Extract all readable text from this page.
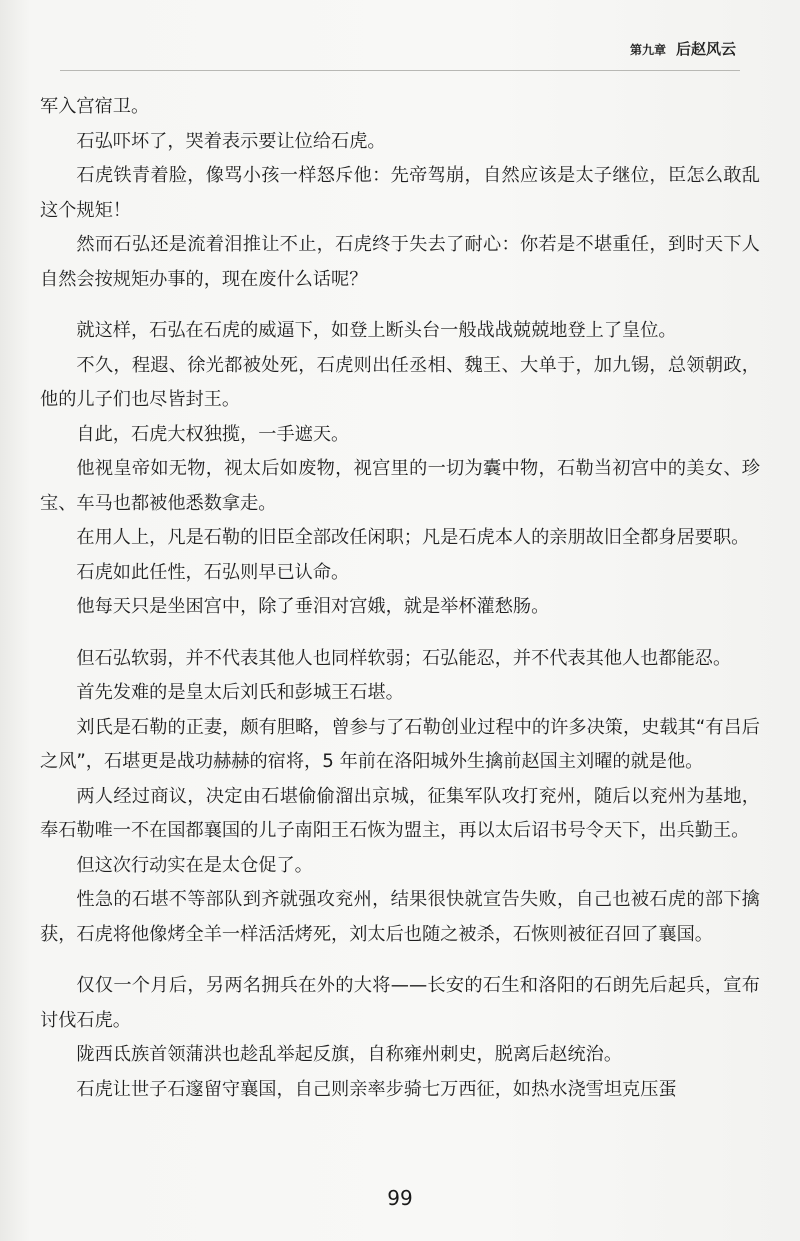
第九章 后赵风云

军入宫宿卫。

石弘吓坏了，哭着表示要让位给石虎。

石虎铁青着脸，像骂小孩一样怒斥他：先帝驾崩，自然应该是太子继位，臣怎么敢乱这个规矩！

然而石弘还是流着泪推让不止，石虎终于失去了耐心：你若是不堪重任，到时天下人自然会按规矩办事的，现在废什么话呢？

就这样，石弘在石虎的威逼下，如登上断头台一般战战兢兢地登上了皇位。

不久，程遐、徐光都被处死，石虎则出任丞相、魏王、大单于，加九锡，总领朝政，他的儿子们也尽皆封王。

自此，石虎大权独揽，一手遮天。

他视皇帝如无物，视太后如废物，视宫里的一切为囊中物，石勒当初宫中的美女、珍宝、车马也都被他悉数拿走。

在用人上，凡是石勒的旧臣全部改任闲职；凡是石虎本人的亲朋故旧全都身居要职。

石虎如此任性，石弘则早已认命。

他每天只是坐困宫中，除了垂泪对宫娥，就是举杯灌愁肠。

但石弘软弱，并不代表其他人也同样软弱；石弘能忍，并不代表其他人也都能忍。

首先发难的是皇太后刘氏和彭城王石堪。

刘氏是石勒的正妻，颇有胆略，曾参与了石勒创业过程中的许多决策，史载其“有吕后之风”，石堪更是战功赫赫的宿将，5 年前在洛阳城外生擒前赵国主刘曜的就是他。

两人经过商议，决定由石堪偷偷溜出京城，征集军队攻打兖州，随后以兖州为基地，奉石勒唯一不在国都襄国的儿子南阳王石恢为盟主，再以太后诏书号令天下，出兵勤王。

但这次行动实在是太仓促了。

性急的石堪不等部队到齐就强攻兖州，结果很快就宣告失败，自己也被石虎的部下擒获，石虎将他像烤全羊一样活活烤死，刘太后也随之被杀，石恢则被征召回了襄国。

仅仅一个月后，另两名拥兵在外的大将——长安的石生和洛阳的石朗先后起兵，宣布讨伐石虎。

陇西氐族首领蒲洪也趁乱举起反旗，自称雍州刺史，脱离后赵统治。

石虎让世子石邃留守襄国，自己则亲率步骑七万西征，如热水浇雪坦克压蛋

99
